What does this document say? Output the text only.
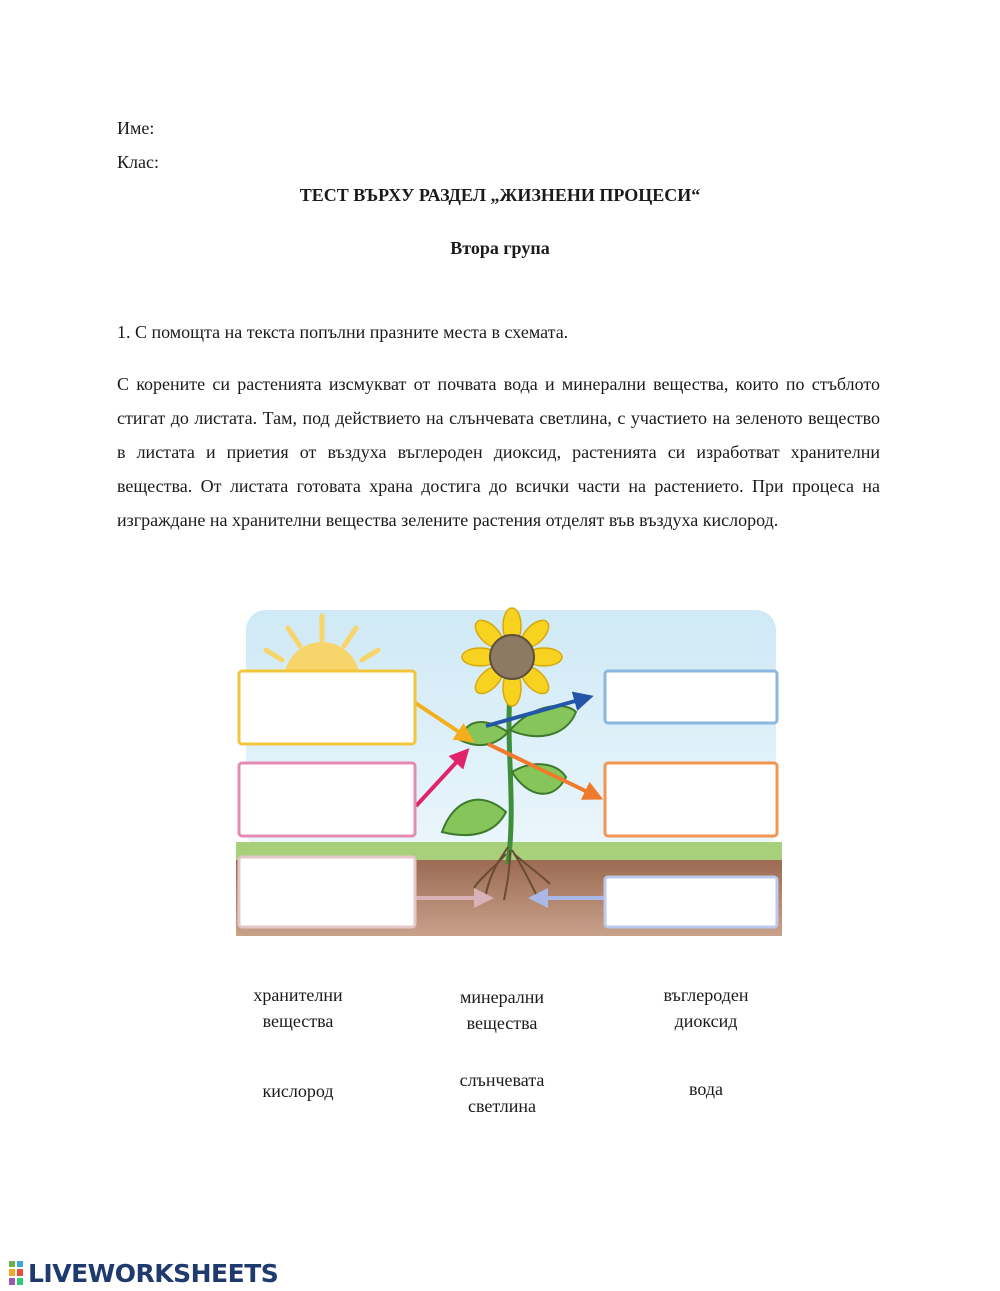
Име:
Клас:
ТЕСТ ВЪРХУ РАЗДЕЛ „ЖИЗНЕНИ ПРОЦЕСИ“
Втора група
1. С помощта на текста попълни празните места в схемата.
С корените си растенията изсмукват от почвата вода и минерални вещества, които по стъблото стигат до листата. Там, под действието на слънчевата светлина, с участието на зеленото вещество в листата и приетия от въздуха въглероден диоксид, растенията си изработват хранителни вещества. От листата готовата храна достига до всички части на растението. При процеса на изграждане на хранителни вещества зелените растения отделят във въздуха кислород.
хранителни
вещества
минерални
вещества
въглероден
диоксид
кислород
слънчевата
светлина
вода
LIVEWORKSHEETS
